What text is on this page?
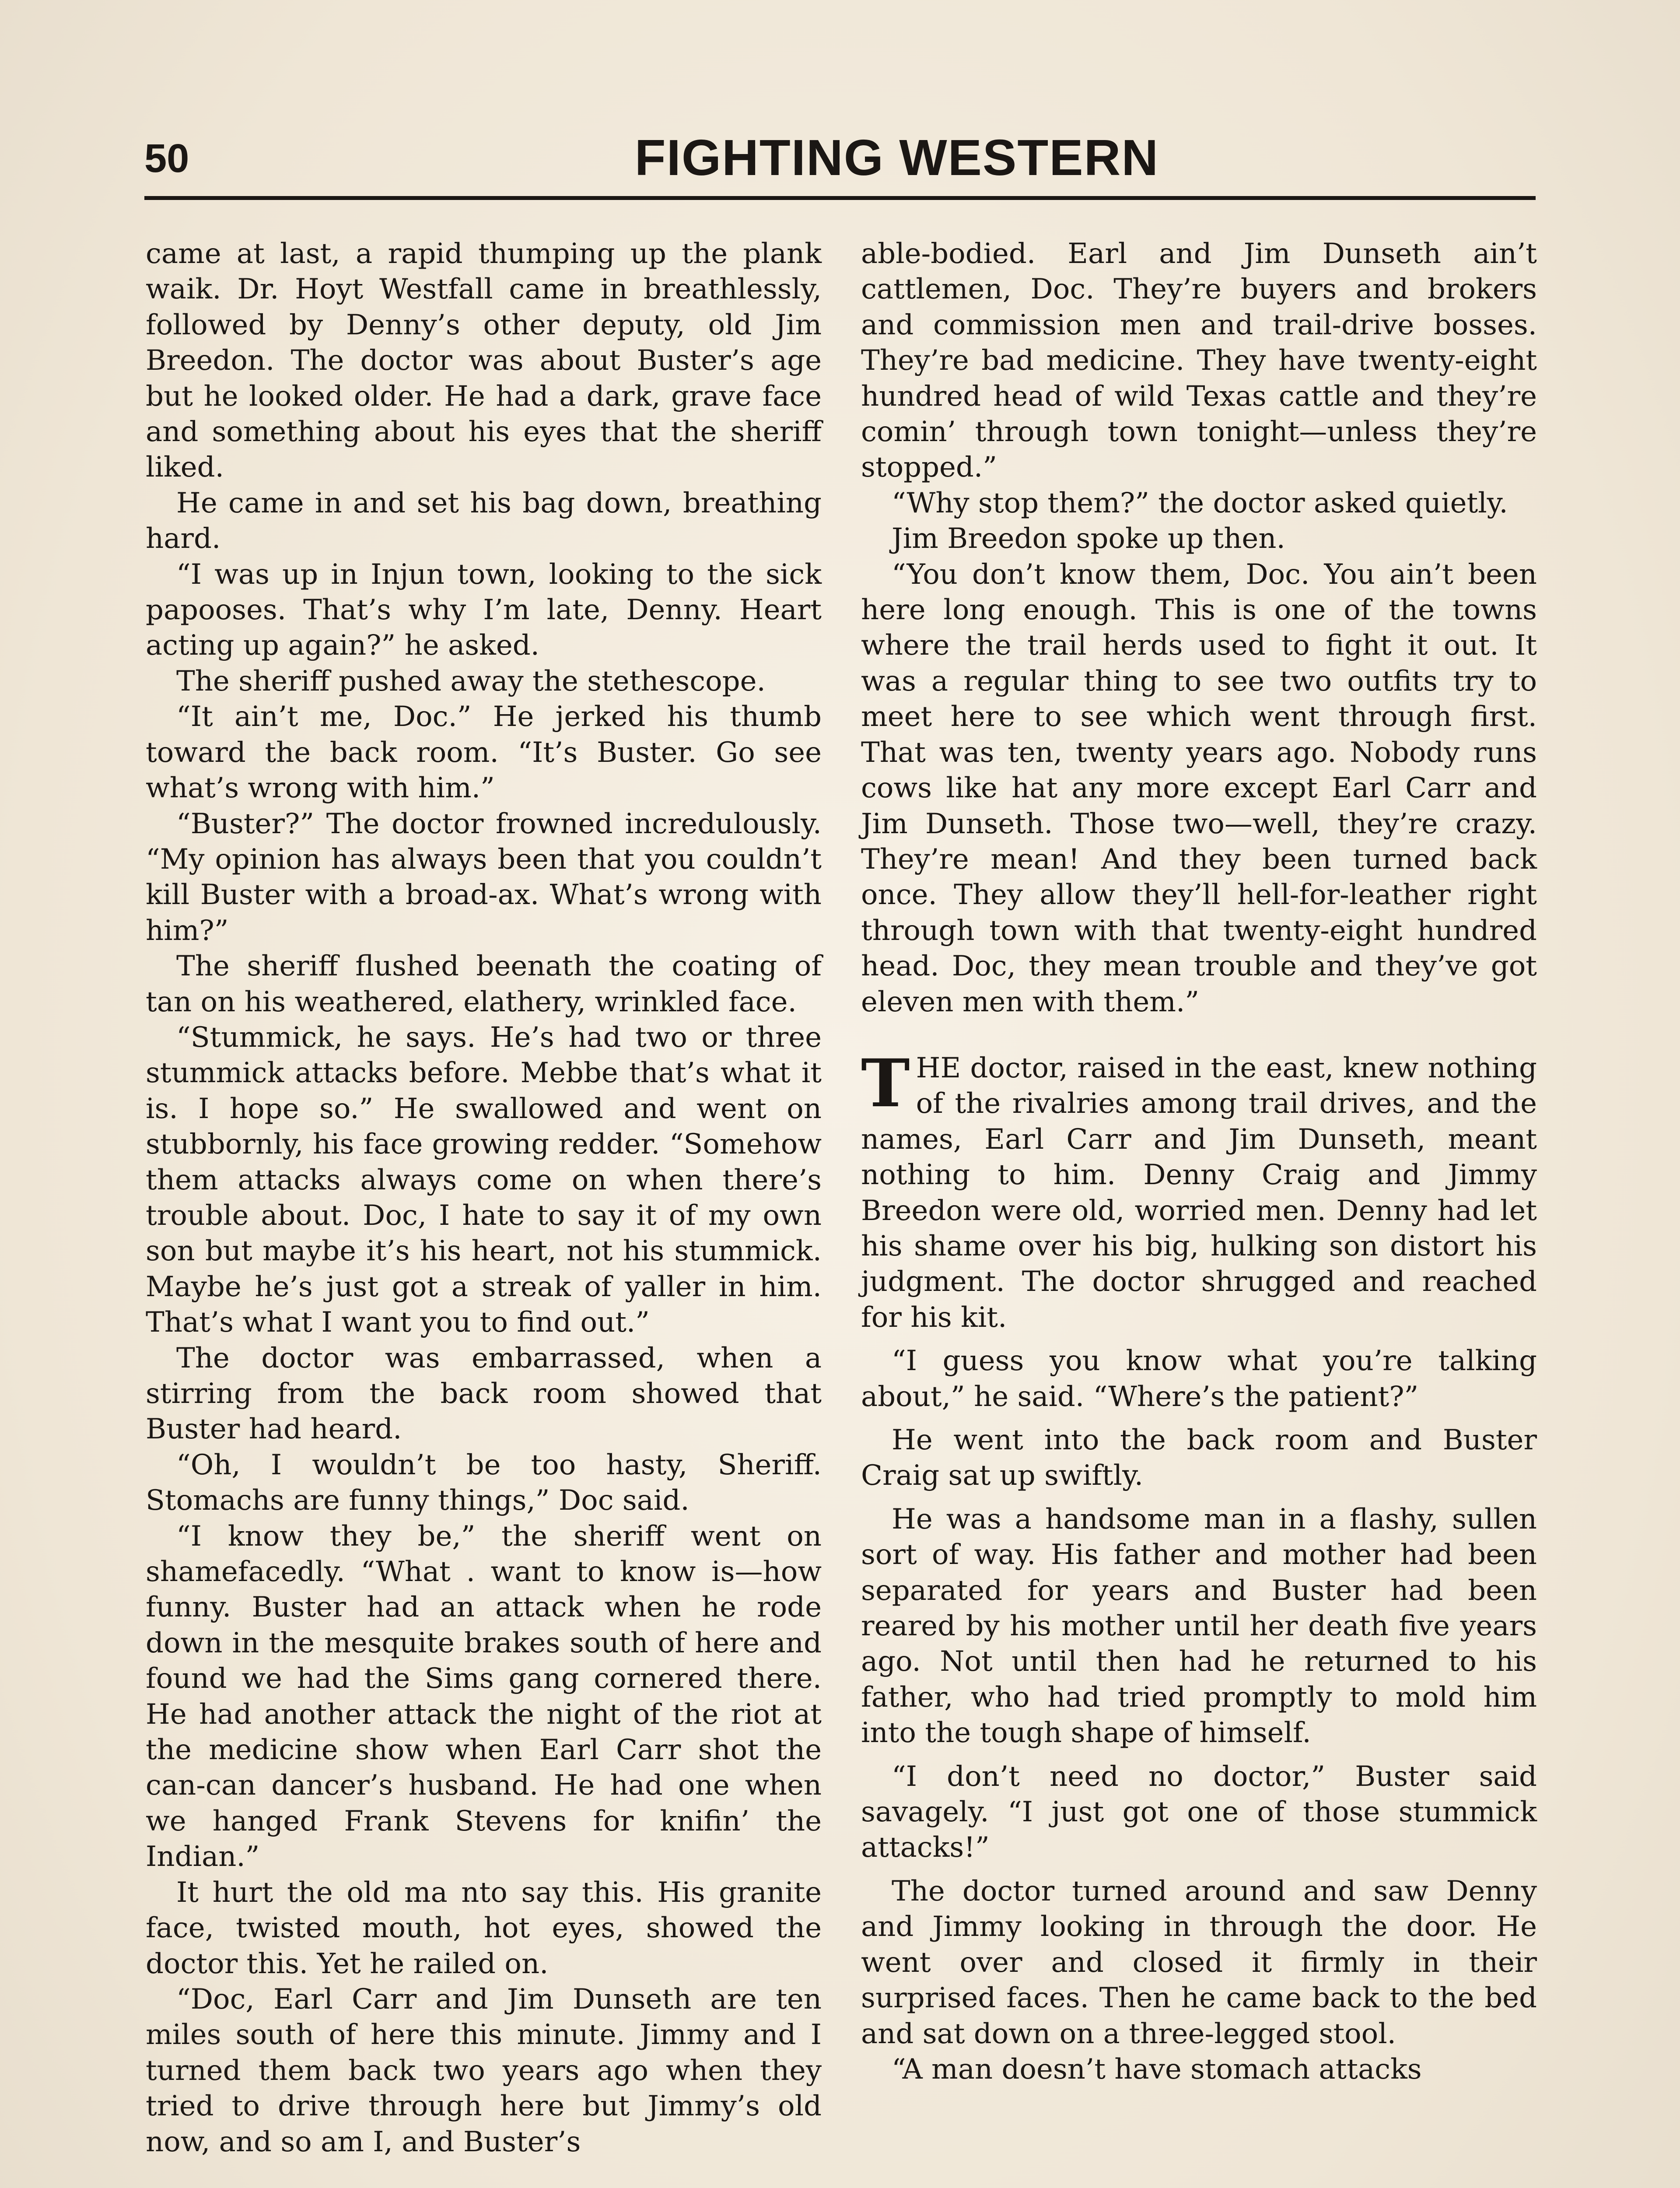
50	FIGHTING WESTERN

came at last, a rapid thumping up the plank waik. Dr. Hoyt Westfall came in breathlessly, followed by Denny’s other deputy, old Jim Breedon. The doctor was about Buster’s age but he looked older. He had a dark, grave face and something about his eyes that the sheriff liked.

He came in and set his bag down, breathing hard.

“I was up in Injun town, looking to the sick papooses. That’s why I’m late, Denny. Heart acting up again?” he asked.

The sheriff pushed away the stethescope.

“It ain’t me, Doc.” He jerked his thumb toward the back room. “It’s Buster. Go see what’s wrong with him.”

“Buster?” The doctor frowned incredulously. “My opinion has always been that you couldn’t kill Buster with a broad-ax. What’s wrong with him?”

The sheriff flushed beenath the coating of tan on his weathered, elathery, wrinkled face.

“Stummick, he says. He’s had two or three stummick attacks before. Mebbe that’s what it is. I hope so.” He swallowed and went on stubbornly, his face growing redder. “Somehow them attacks always come on when there’s trouble about. Doc, I hate to say it of my own son but maybe it’s his heart, not his stummick. Maybe he’s just got a streak of yaller in him. That’s what I want you to find out.”

The doctor was embarrassed, when a stirring from the back room showed that Buster had heard.

“Oh, I wouldn’t be too hasty, Sheriff. Stomachs are funny things,” Doc said.

“I know they be,” the sheriff went on shamefacedly. “What . want to know is—how funny. Buster had an attack when he rode down in the mesquite brakes south of here and found we had the Sims gang cornered there. He had another attack the night of the riot at the medicine show when Earl Carr shot the can-can dancer’s husband. He had one when we hanged Frank Stevens for knifin’ the Indian.”

It hurt the old ma nto say this. His granite face, twisted mouth, hot eyes, showed the doctor this. Yet he railed on.

“Doc, Earl Carr and Jim Dunseth are ten miles south of here this minute. Jimmy and I turned them back two years ago when they tried to drive through here but Jimmy’s old now, and so am I, and Buster’s

able-bodied. Earl and Jim Dunseth ain’t cattlemen, Doc. They’re buyers and brokers and commission men and trail-drive bosses. They’re bad medicine. They have twenty-eight hundred head of wild Texas cattle and they’re comin’ through town tonight—unless they’re stopped.”

“Why stop them?” the doctor asked quietly.

Jim Breedon spoke up then.

“You don’t know them, Doc. You ain’t been here long enough. This is one of the towns where the trail herds used to fight it out. It was a regular thing to see two outfits try to meet here to see which went through first. That was ten, twenty years ago. Nobody runs cows like hat any more except Earl Carr and Jim Dunseth. Those two—well, they’re crazy. They’re mean! And they been turned back once. They allow they’ll hell-for-leather right through town with that twenty-eight hundred head. Doc, they mean trouble and they’ve got eleven men with them.”

THE doctor, raised in the east, knew nothing of the rivalries among trail drives, and the names, Earl Carr and Jim Dunseth, meant nothing to him. Denny Craig and Jimmy Breedon were old, worried men. Denny had let his shame over his big, hulking son distort his judgment. The doctor shrugged and reached for his kit.

“I guess you know what you’re talking about,” he said. “Where’s the patient?”

He went into the back room and Buster Craig sat up swiftly.

He was a handsome man in a flashy, sullen sort of way. His father and mother had been separated for years and Buster had been reared by his mother until her death five years ago. Not until then had he returned to his father, who had tried promptly to mold him into the tough shape of himself.

“I don’t need no doctor,” Buster said savagely. “I just got one of those stummick attacks!”

The doctor turned around and saw Denny and Jimmy looking in through the door. He went over and closed it firmly in their surprised faces. Then he came back to the bed and sat down on a three-legged stool.

“A man doesn’t have stomach attacks
